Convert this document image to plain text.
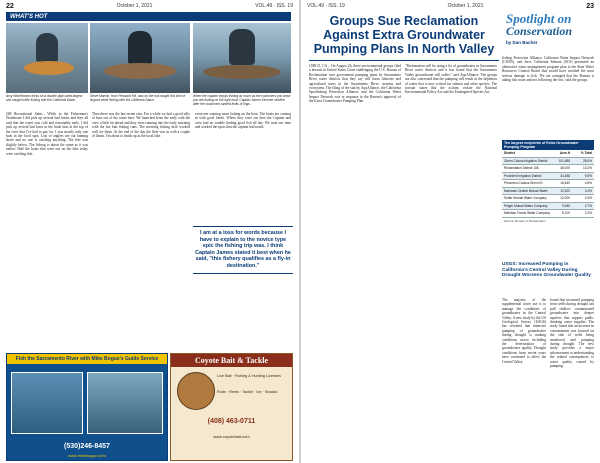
22	October 1, 2021	VOL.49 · ISS. 19
WHAT'S HOT
Amy Wichelmann tricks on a double-digit sized largest she caught while fishing with the California Dawn.
Steve Mamlin, from Pleasant Hill, was on the rod caught this limit of lingcod while fishing with the California Dawn.
When the captain enjoys fishing as much as the customers you know you are fishing on the right boat. Captain James Kirshner strolled after the customers landed limits of lings.
(SB Recreational Salm... While in the Fisherman's Warehouse I did pick up several bad hooks and they all said that the water was cold and reasonably early. I did pick up several bad lures in the hook bins at the top of the river that I've had to pay for. I was mostly only one boat in the local spot. Lots of anglers are out hunting shore and no one is catching anything. The tide was slightly below. The fishing is about the same as it was earlier. Half the boats that were out on the lake today were catching fish.
Then there was the last recent rain. For a while we had a good tally of bass out of the water here. We launched from the early with the crew a little bit ahead and they were running into the early morning with the hot bait fishing runs. The morning fishing drift worked well for them. At the end of the day the fleet was in with a couple of limits. I'm about to finish up at the local lake.
everyone wanting more fishing on the boat. The boats are coming in with good limits. Where they were out here the Captain and crew had no trouble finding good fish all day. We took our time and worked the spots that the captain had noted.
I am at a loss for words because I have to explain to the novice type epic the fishing trip was. I think Captain James stated it best when he said, "this fishery qualifies as a fly-in destination."
Fish the Sacramento River with Mike Bogue's Guide Service
(530)246-8457
www.mikebogue.com
Coyote Bait & Tackle
Live Bait · Fishing & Hunting Licenses
Rods · Reels · Tackle · Ice · Snacks
(408) 463-0711
www.coyotebait.com
VOL.49 · ISS. 19	October 1, 2021	23
Groups Sue Reclamation Against Extra Groundwater Pumping Plans In North Valley
Spotlight on
Conservation
by Dan Bacher
CHICO, CA – On August 26, three environmental groups filed a lawsuit in United States Court challenging the U.S. Bureau of Reclamation over government pumping plans by Sacramento River water districts that they say will harm fisheries and agricultural users in the Sacramento River, streams and ecosystem. The filing of the suit by AquAlliance, the California Sportfishing Protection Alliance, and the California Water Impact Network was in response to the Bureau's approval of the Extra Groundwater Pumping Plan.
"Reclamation will be using a lot of groundwater in Sacramento River water districts and it has found that the Sacramento Valley groundwater will suffer," said AquAlliance. The groups are also concerned that the pumping will result in the depletion of water that is now critical for salmon and other species. The lawsuit states that the actions violate the National Environmental Policy Act and the Endangered Species Act.
fishing Protection Alliance, California Water Impact Network (CWIN), and Save California Salmon (SCS) presented an alternative water management program plan to the State Water Resources Control Board that would have avoided the most serious damage to fish. 'We are outraged that the Bureau is taking this route and not following the law,' said the groups.
Ten largest recipients of Extra Groundwater Pumping Program
District	Acre-ft	% Total
Glenn-Colusa Irrigation District	101,685	28.0%
Reclamation District 108	48,000	13.2%
Provident Irrigation District	34,488	9.5%
Princeton-Codora-Glenn ID	16,640	4.6%
Natomas Central Mutual Water	12,520	3.4%
Sutter Mutual Water Company	12,000	3.3%
Pelger Mutual Water Company	9,945	2.7%
Meridian Farms Water Company	8,100	2.2%
Source: Bureau of Reclamation
USGS: Increased Pumping in California's Central Valley During Drought Worsens Groundwater Quality
The majority of the supplemental water use is to manage the conditions of groundwater in the Central Valley. A new study by the US Geological Survey (USGS) has revealed that intensive pumping of groundwater during drought is making conditions worse, including the deterioration of groundwater quality. Drought conditions from recent years have continued to affect the Central Valley.
found that increased pumping from wells during drought can pull shallow contaminated groundwater into deeper aquifers that support public drinking water supplies. The study found that an increase in contaminants was focused on the side of wells being monitored and pumping during drought. The new study provides a major advancement to understanding the related consequences to water quality caused by pumping.
